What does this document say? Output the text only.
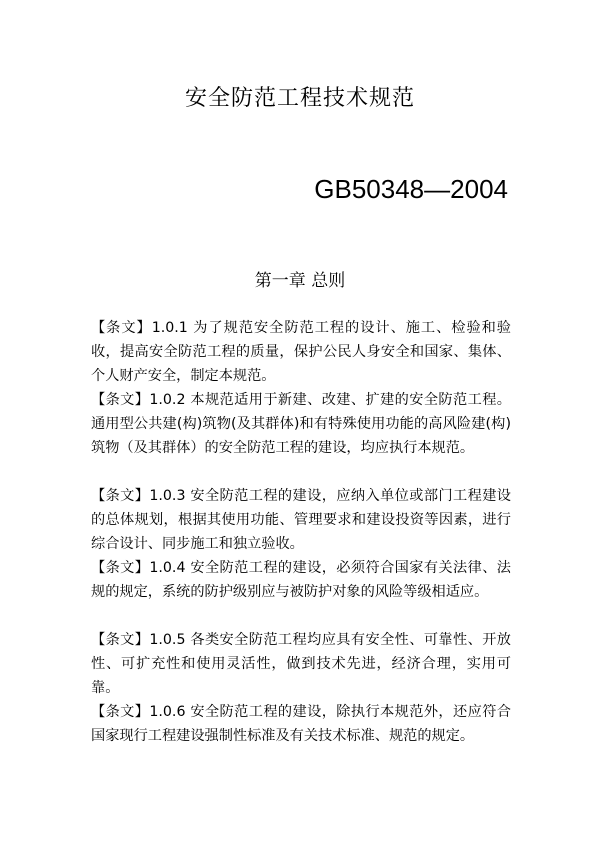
安全防范工程技术规范
GB50348—2004
第一章 总则

【条文】1.0.1 为了规范安全防范工程的设计、施工、检验和验收，提高安全防范工程的质量，保护公民人身安全和国家、集体、个人财产安全，制定本规范。

【条文】1.0.2 本规范适用于新建、改建、扩建的安全防范工程。通用型公共建(构)筑物(及其群体)和有特殊使用功能的高风险建(构)筑物（及其群体）的安全防范工程的建设，均应执行本规范。

【条文】1.0.3 安全防范工程的建设，应纳入单位或部门工程建设的总体规划，根据其使用功能、管理要求和建设投资等因素，进行综合设计、同步施工和独立验收。

【条文】1.0.4 安全防范工程的建设，必须符合国家有关法律、法规的规定，系统的防护级别应与被防护对象的风险等级相适应。

【条文】1.0.5 各类安全防范工程均应具有安全性、可靠性、开放性、可扩充性和使用灵活性，做到技术先进，经济合理，实用可靠。

【条文】1.0.6 安全防范工程的建设，除执行本规范外，还应符合国家现行工程建设强制性标准及有关技术标准、规范的规定。
